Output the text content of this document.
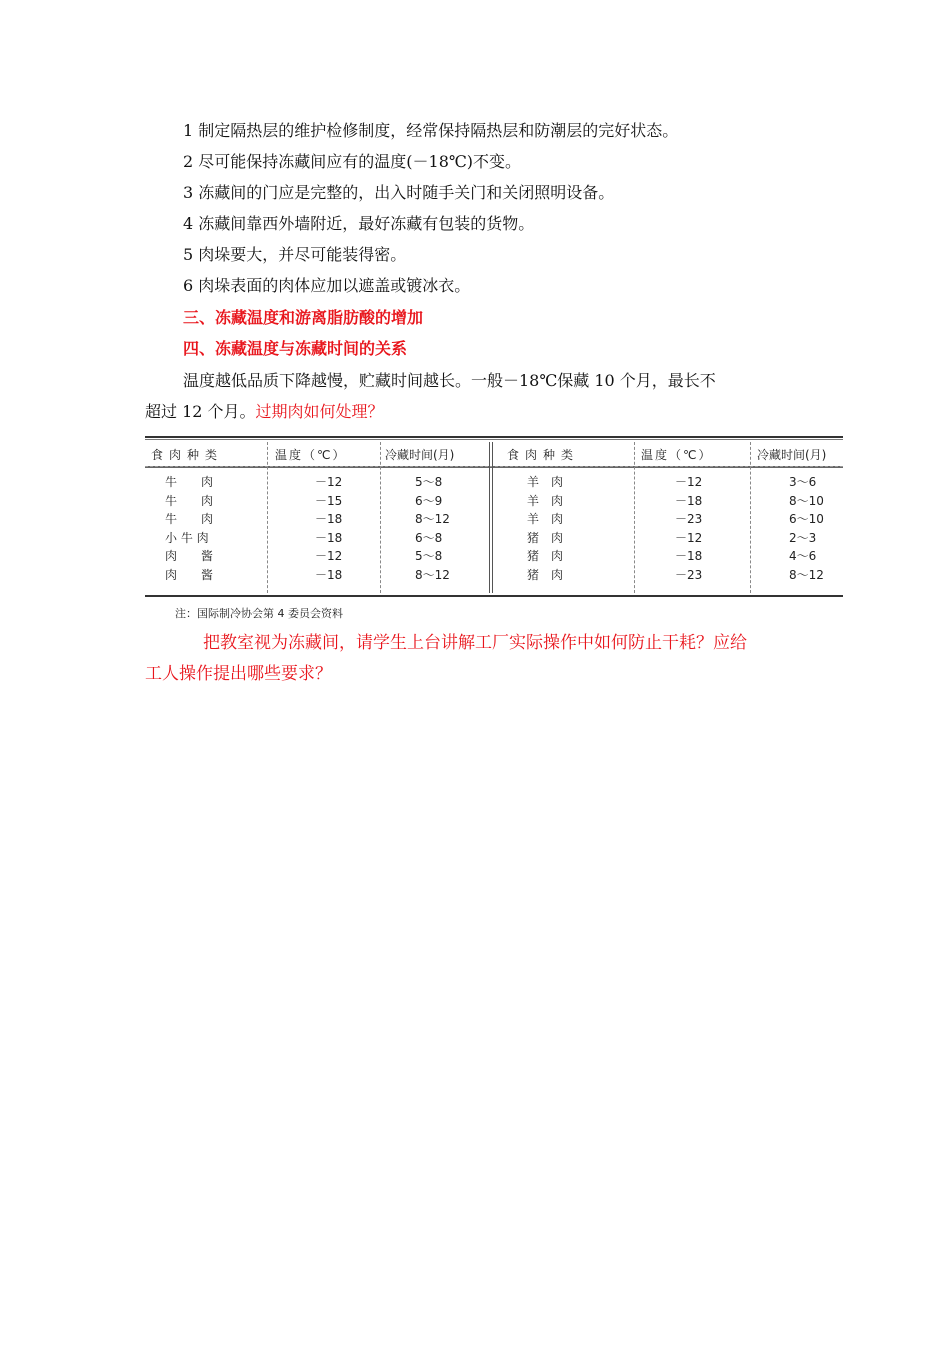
1 制定隔热层的维护检修制度，经常保持隔热层和防潮层的完好状态。
2 尽可能保持冻藏间应有的温度(－18℃)不变。
3 冻藏间的门应是完整的，出入时随手关门和关闭照明设备。
4 冻藏间靠西外墙附近，最好冻藏有包装的货物。
5 肉垛要大，并尽可能装得密。
6 肉垛表面的肉体应加以遮盖或镀冰衣。
三、冻藏温度和游离脂肪酸的增加
四、冻藏温度与冻藏时间的关系
温度越低品质下降越慢，贮藏时间越长。一般－18℃保藏 10 个月，最长不
超过 12 个月。过期肉如何处理？
食肉种类	温度（℃）	冷藏时间(月)	食肉种类	温度（℃）	冷藏时间(月)
牛　　肉	－12	5～8	羊　肉	－12	3～6
牛　　肉	－15	6～9	羊　肉	－18	8～10
牛　　肉	－18	8～12	羊　肉	－23	6～10
小 牛 肉	－18	6～8	猪　肉	－12	2～3
肉　　酱	－12	5～8	猪　肉	－18	4～6
肉　　酱	－18	8～12	猪　肉	－23	8～12
注：国际制冷协会第 4 委员会资料
把教室视为冻藏间，请学生上台讲解工厂实际操作中如何防止干耗？应给
工人操作提出哪些要求？
